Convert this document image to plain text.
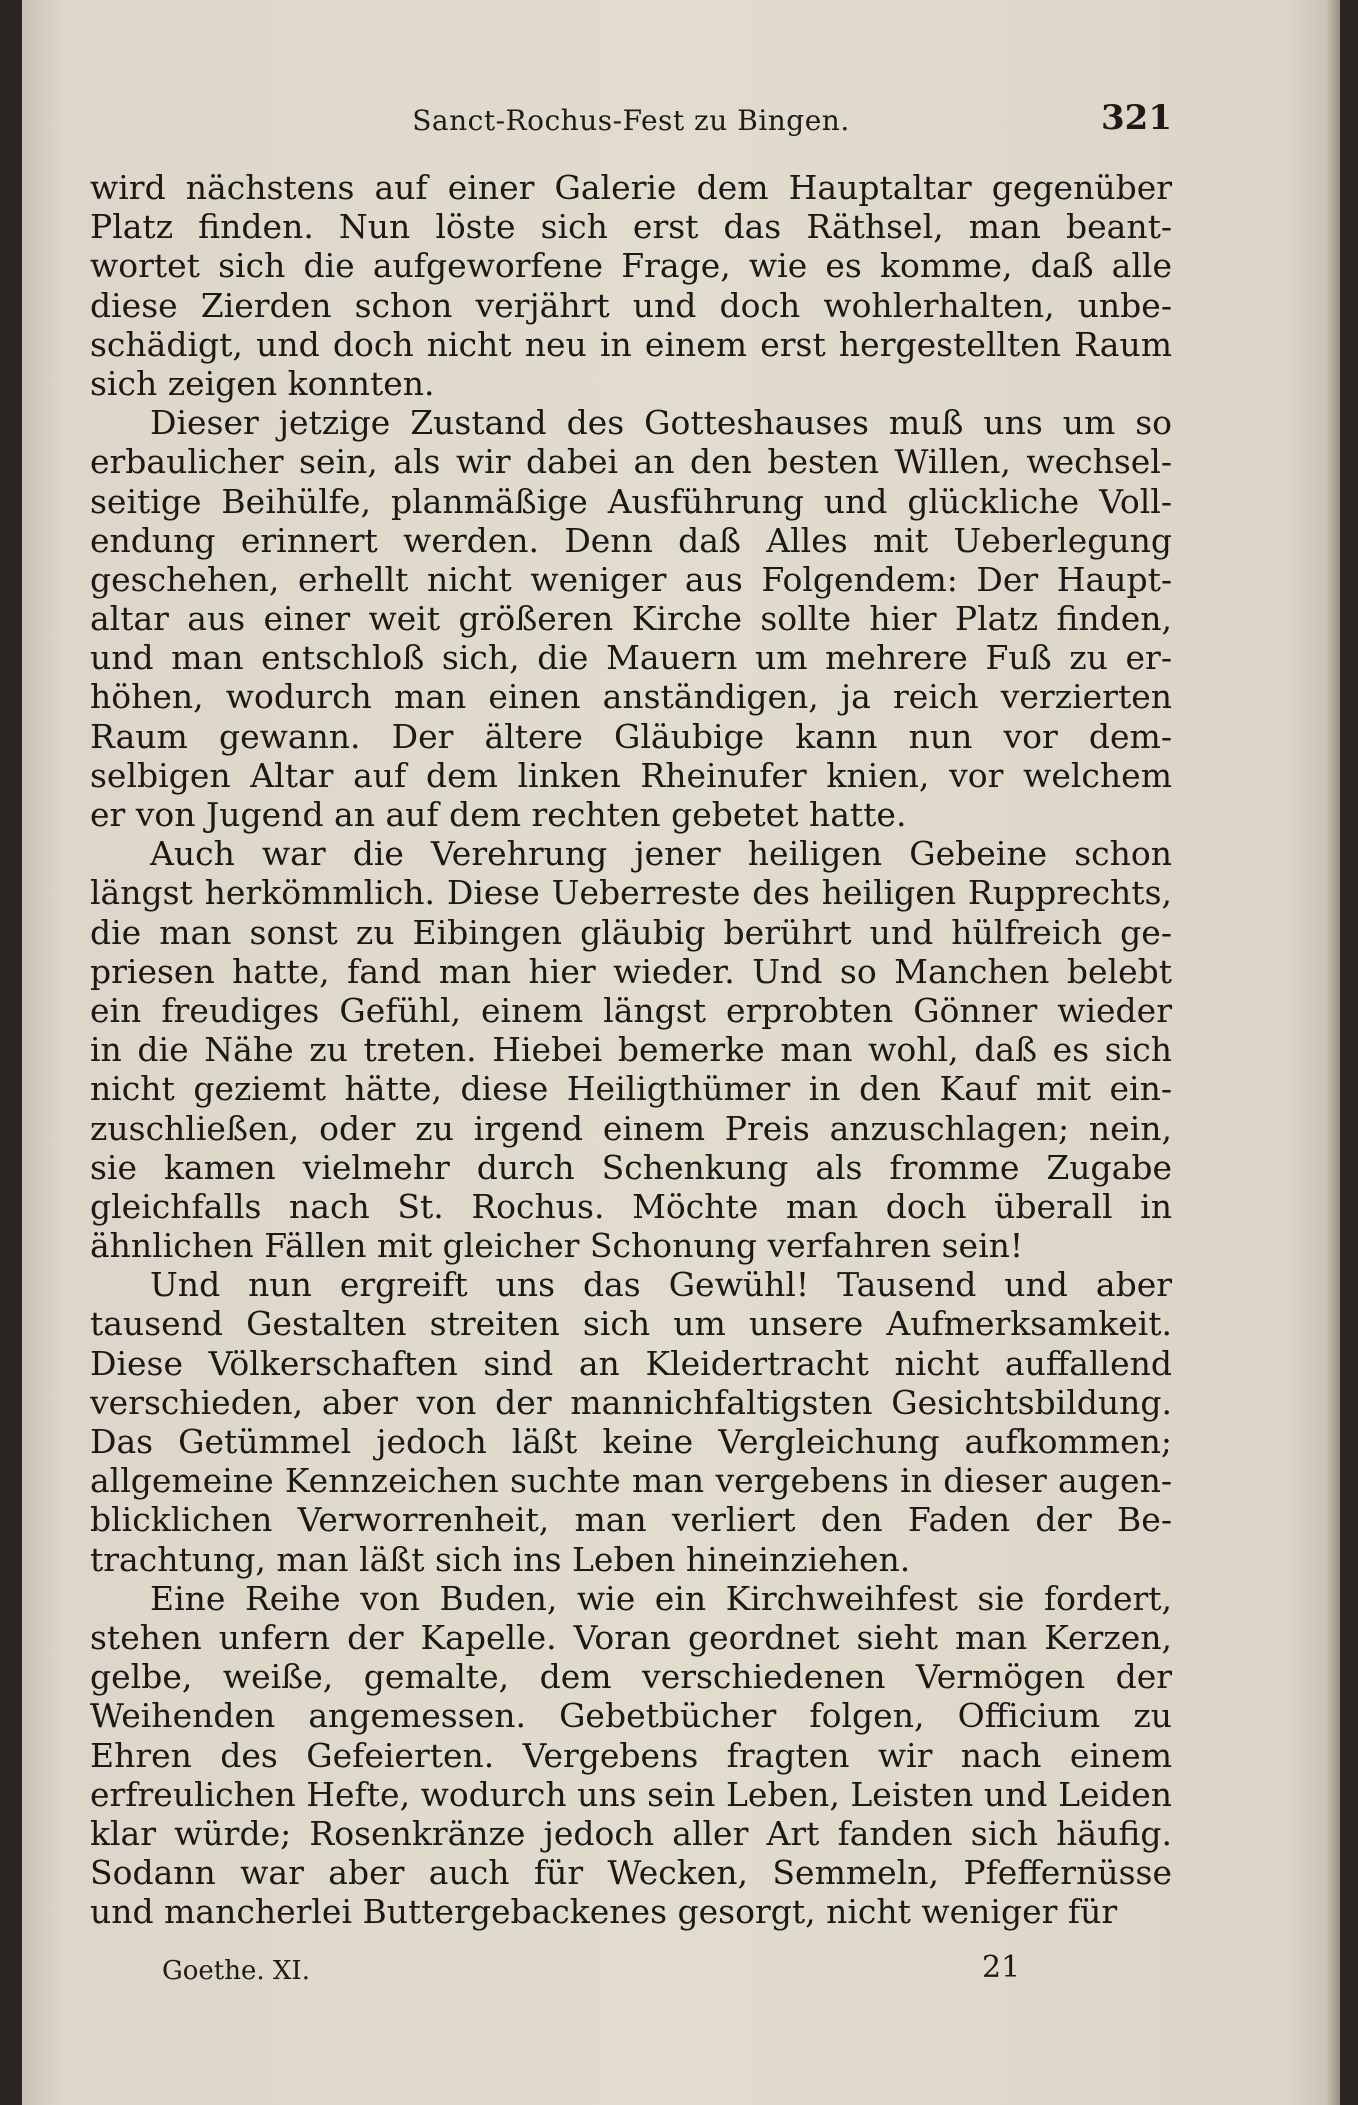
Sanct-Rochus-Fest zu Bingen.	321
wird nächstens auf einer Galerie dem Hauptaltar gegenüber
Platz finden. Nun löste sich erst das Räthsel, man beant-
wortet sich die aufgeworfene Frage, wie es komme, daß alle
diese Zierden schon verjährt und doch wohlerhalten, unbe-
schädigt, und doch nicht neu in einem erst hergestellten Raum
sich zeigen konnten.
Dieser jetzige Zustand des Gotteshauses muß uns um so
erbaulicher sein, als wir dabei an den besten Willen, wechsel-
seitige Beihülfe, planmäßige Ausführung und glückliche Voll-
endung erinnert werden. Denn daß Alles mit Ueberlegung
geschehen, erhellt nicht weniger aus Folgendem: Der Haupt-
altar aus einer weit größeren Kirche sollte hier Platz finden,
und man entschloß sich, die Mauern um mehrere Fuß zu er-
höhen, wodurch man einen anständigen, ja reich verzierten
Raum gewann. Der ältere Gläubige kann nun vor dem-
selbigen Altar auf dem linken Rheinufer knien, vor welchem
er von Jugend an auf dem rechten gebetet hatte.
Auch war die Verehrung jener heiligen Gebeine schon
längst herkömmlich. Diese Ueberreste des heiligen Rupprechts,
die man sonst zu Eibingen gläubig berührt und hülfreich ge-
priesen hatte, fand man hier wieder. Und so Manchen belebt
ein freudiges Gefühl, einem längst erprobten Gönner wieder
in die Nähe zu treten. Hiebei bemerke man wohl, daß es sich
nicht geziemt hätte, diese Heiligthümer in den Kauf mit ein-
zuschließen, oder zu irgend einem Preis anzuschlagen; nein,
sie kamen vielmehr durch Schenkung als fromme Zugabe
gleichfalls nach St. Rochus. Möchte man doch überall in
ähnlichen Fällen mit gleicher Schonung verfahren sein!
Und nun ergreift uns das Gewühl! Tausend und aber
tausend Gestalten streiten sich um unsere Aufmerksamkeit.
Diese Völkerschaften sind an Kleidertracht nicht auffallend
verschieden, aber von der mannichfaltigsten Gesichtsbildung.
Das Getümmel jedoch läßt keine Vergleichung aufkommen;
allgemeine Kennzeichen suchte man vergebens in dieser augen-
blicklichen Verworrenheit, man verliert den Faden der Be-
trachtung, man läßt sich ins Leben hineinziehen.
Eine Reihe von Buden, wie ein Kirchweihfest sie fordert,
stehen unfern der Kapelle. Voran geordnet sieht man Kerzen,
gelbe, weiße, gemalte, dem verschiedenen Vermögen der
Weihenden angemessen. Gebetbücher folgen, Officium zu
Ehren des Gefeierten. Vergebens fragten wir nach einem
erfreulichen Hefte, wodurch uns sein Leben, Leisten und Leiden
klar würde; Rosenkränze jedoch aller Art fanden sich häufig.
Sodann war aber auch für Wecken, Semmeln, Pfeffernüsse
und mancherlei Buttergebackenes gesorgt, nicht weniger für
Goethe. XI.	21
